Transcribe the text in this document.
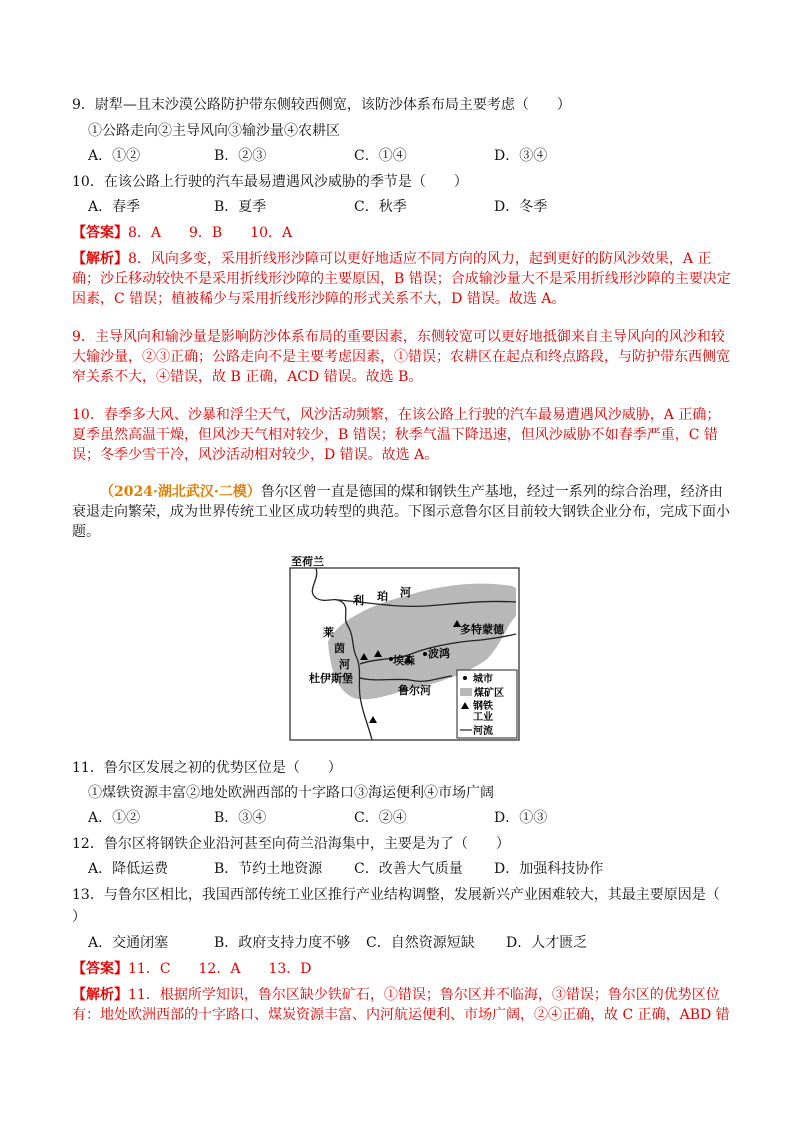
9．尉犁—且末沙漠公路防护带东侧较西侧宽，该防沙体系布局主要考虑（　　）
①公路走向②主导风向③输沙量④农耕区
A．①②	B．②③	C．①④	D．③④
10．在该公路上行驶的汽车最易遭遇风沙威胁的季节是（　　）
A．春季	B．夏季	C．秋季	D．冬季
【答案】8．A　　9．B　　10．A
【解析】8．风向多变，采用折线形沙障可以更好地适应不同方向的风力，起到更好的防风沙效果，A 正确；沙丘移动较快不是采用折线形沙障的主要原因，B 错误；合成输沙量大不是采用折线形沙障的主要决定因素，C 错误；植被稀少与采用折线形沙障的形式关系不大，D 错误。故选 A。
9．主导风向和输沙量是影响防沙体系布局的重要因素，东侧较宽可以更好地抵御来自主导风向的风沙和较大输沙量，②③正确；公路走向不是主要考虑因素，①错误；农耕区在起点和终点路段，与防护带东西侧宽窄关系不大，④错误，故 B 正确，ACD 错误。故选 B。
10．春季多大风、沙暴和浮尘天气，风沙活动频繁，在该公路上行驶的汽车最易遭遇风沙威胁，A 正确；夏季虽然高温干燥，但风沙天气相对较少，B 错误；秋季气温下降迅速，但风沙威胁不如春季严重，C 错误；冬季少雪干冷，风沙活动相对较少，D 错误。故选 A。
（2024·湖北武汉·二模）鲁尔区曾一直是德国的煤和钢铁生产基地，经过一系列的综合治理，经济由衰退走向繁荣，成为世界传统工业区成功转型的典范。下图示意鲁尔区目前较大钢铁企业分布，完成下面小题。
至荷兰
利 珀 河
莱
茵
河
多特蒙德
埃森
波鸿
杜伊斯堡
鲁尔河
城市
煤矿区
钢铁
工业
河流
11．鲁尔区发展之初的优势区位是（　　）
①煤铁资源丰富②地处欧洲西部的十字路口③海运便利④市场广阔
A．①②	B．③④	C．②④	D．①③
12．鲁尔区将钢铁企业沿河甚至向荷兰沿海集中，主要是为了（　　）
A．降低运费	B．节约土地资源	C．改善大气质量	D．加强科技协作
13．与鲁尔区相比，我国西部传统工业区推行产业结构调整，发展新兴产业困难较大，其最主要原因是（
）
A．交通闭塞	B．政府支持力度不够	C．自然资源短缺	D．人才匮乏
【答案】11．C　　12．A　　13．D
【解析】11．根据所学知识，鲁尔区缺少铁矿石，①错误；鲁尔区并不临海，③错误；鲁尔区的优势区位有：地处欧洲西部的十字路口、煤炭资源丰富、内河航运便利、市场广阔，②④正确，故 C 正确，ABD 错
